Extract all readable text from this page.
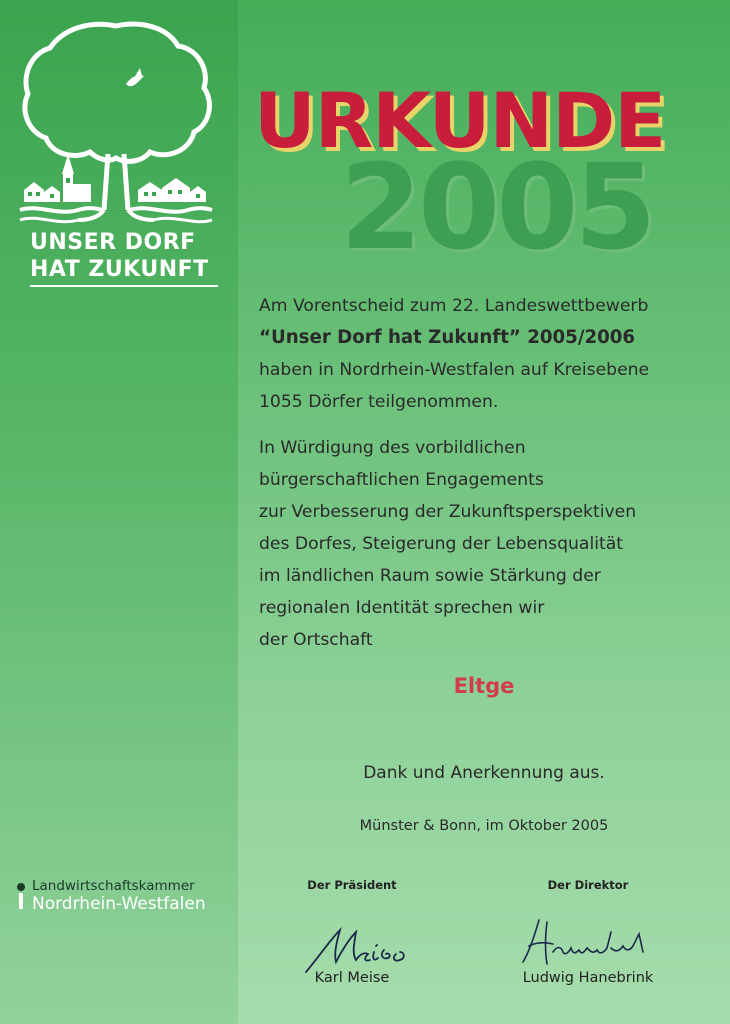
UNSER DORF
HAT ZUKUNFT 2005
URKUNDE
Am Vorentscheid zum 22. Landeswettbewerb
“Unser Dorf hat Zukunft” 2005/2006
haben in Nordrhein-Westfalen auf Kreisebene
1055 Dörfer teilgenommen.
In Würdigung des vorbildlichen
bürgerschaftlichen Engagements
zur Verbesserung der Zukunftsperspektiven
des Dorfes, Steigerung der Lebensqualität
im ländlichen Raum sowie Stärkung der
regionalen Identität sprechen wir
der Ortschaft
Eltge
Dank und Anerkennung aus.
Münster & Bonn, im Oktober 2005
Der Präsident	Der Direktor
Karl Meise	Ludwig Hanebrink
Landwirtschaftskammer
Nordrhein-Westfalen
